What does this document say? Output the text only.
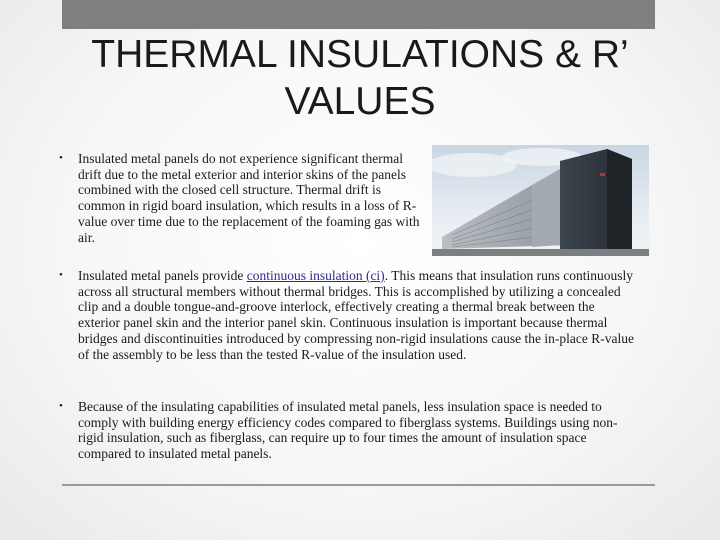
THERMAL INSULATIONS & R’ VALUES
• Insulated metal panels do not experience significant thermal drift due to the metal exterior and interior skins of the panels combined with the closed cell structure. Thermal drift is common in rigid board insulation, which results in a loss of R-value over time due to the replacement of the foaming gas with air.
• Insulated metal panels provide continuous insulation (ci). This means that insulation runs continuously across all structural members without thermal bridges. This is accomplished by utilizing a concealed clip and a double tongue-and-groove interlock, effectively creating a thermal break between the exterior panel skin and the interior panel skin. Continuous insulation is important because thermal bridges and discontinuities introduced by compressing non-rigid insulations cause the in-place R-value of the assembly to be less than the tested R-value of the insulation used.
• Because of the insulating capabilities of insulated metal panels, less insulation space is needed to comply with building energy efficiency codes compared to fiberglass systems. Buildings using non-rigid insulation, such as fiberglass, can require up to four times the amount of insulation space compared to insulated metal panels.
